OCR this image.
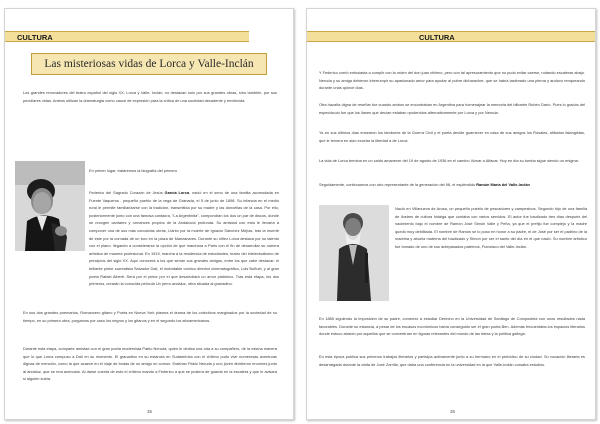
CULTURA
Las misteriosas vidas de Lorca y Valle-Inclán

Los grandes renovadores del teatro español del siglo XX, Lorca y Valle- Inclán, no destacan solo por sus grandes obras, sino también, por sus peculiares vidas. Ambos utilizan la dramaturgia como cauce de expresión para la crítica de una sociedad decadente y envilecida.

En primer lugar, trataremos la biografía del primero

Federico del Sagrado Corazón de Jesús García Lorca, nació en el seno de una familia acomodada en Fuente Vaqueros , pequeño pueblo de la vega de Granada, el 5 de junio de 1898. Su infancia en el medio rural le permite familiarizarse con la tradición, transmitida por su madre y las doncellas de la casa. Por ello, posteriormente junto con una famosa cantaora, "La Argentinita", compondrán los dos un par de discos, donde se recogen cantares y romances propios de la Andalucía profunda. Su amistad con esta le llevaría a componer una de sus más conocidas obras, Llanto por la muerte de Ignacio Sánchez Mejías, tras la muerte de este por la cornada de un toro en la plaza de Manzanares. Durante su niñez Lorca destaca por su talento con el piano. llegando a considerarse la opción de que marchara a París con el fin de desarrollar su carrera artística de manera profesional. En 1919, marcha a la residencia de estudiantes, teatro del intelectualismo de principios del siglo XX. Aquí conocerá a los que serían sus grandes amigos, entre los que cabe destacar: el brillante pintor surrealista Salvador Dalí, el inolvidable cómico director cinematográfico, Luis Buñuel, y al gran poeta Rafael Alberti. Será por el pintor por el que desarrollará un amor platónico. Tras esta etapa, los dos primeros, crearán la conocida película Un perro andaluz, obra situada al granadino.

En sus dos grandes poemarios, Romancero gitano y Poeta en Nueva York plasma el drama de los colectivos marginados por la sociedad de su tiempo, en su primera obra, porgamos por caso los negros y los gitanos y en el segundo los afroamericanos.

Durante esta etapa, comparte amistad con el gran poeta modernista Pablo Neruda, quien le dedica una oda a su compañero, de la misma manera que lo que Lorca compuso a Dalí en su momento. El granadino en su estancia en Sudamérica con el chileno pudo vivir numerosas aventuras dignas de mención, como la que acaece en el viaje de bodas de un amigo en común. Esteban Pablo Neruda y uno jóven divirtieron enormes junto al andaluz, que se reía acercado. Al darse cuenta de esto el chileno mandó a Federico a que se pusiera de guarda en la escalera y que le avisara si alguien subía.

35
CULTURA

Y Federico corrió entusiasta a cumplir con la orden del don juan chileno, pero con tal apresuramiento que no pudo evitar caerse, rodando escaleras abajo. Neruda y su amiga debieron interrumpir su apasionado amor para ayudar al pobre dicharacher, que se había lastimado una pierna y anduvo renqueando durante unas quince días.

Otra hazaña digna de reseñar fue cuando ambos se encontraban en Argentina para homenajear la memoria del bilbarbe Rubén Darío. Pues lo grados del espectáculo fue que los llanes que decían estaban rpodenidos alternativamente por Lorca y por Neruda.

Ya en sus últimos días ensearon los tambores de la Guerra Civil y el poeta decide guarnecer en casa de sus amigos los Rosales, afiliados falangistas, que le tercera en alzo excelar la libertad a de Lorca.

La vida de Lorca termina en un caldo amanecer del 19 de agosto de 1936 en el camino Viznar a Alfacar. Hoy en día su tumba sigue siendo un enigma.

Seguidamente, continuamos con otro representante de la generación del 98, el espléndido Ramón María del Valle-Inclán

Nació en Villanueva de Arosa, un pequeño pueblo de pescadores y campesinos. Segundo hijo de una familia de ilustres de cultura hidalga que contaba con varios servidos. El autor fue bautizado tres días después del nacimiento bajo el nombre de Ramón José Simón Valle y Peña, ya que el prefijo fue complejo y la madre quedó muy debilitada. El nombre de Ramón se lo puso en honor a su padre, el de José por ser el padrino de la madrina y abuela materna del bautizado y Simón por ser el santo del día en el que nació. Su nombre artístico fue tomado de uno de sus antepasados paternos, Francisco del Valle-Inclán.

En 1885 siguiendo la imposición de su padre, comenzó a estudiar Derecho en la Universidad de Santiago de Compostela con unos resultados nada favorables. Durante su estancia, a pesar de los escasos económicos había conseguido ser el gran poeta Ben. Además frecuentaba los espacios literarios donde estuvo atraído por aquellos que se convertirían en figuras relevantes del mundo de las letras y la política gallega.

En esta época publica sus primeros trabajos literarios y participa activamente junto a su hermano en el periódico de su ciudad. Su vocación literaria es desarraigada durante la visita de José Zorrilla, que daba una conferencia en la universidad en la que Valle-Inclán cursaba estudios.

36
